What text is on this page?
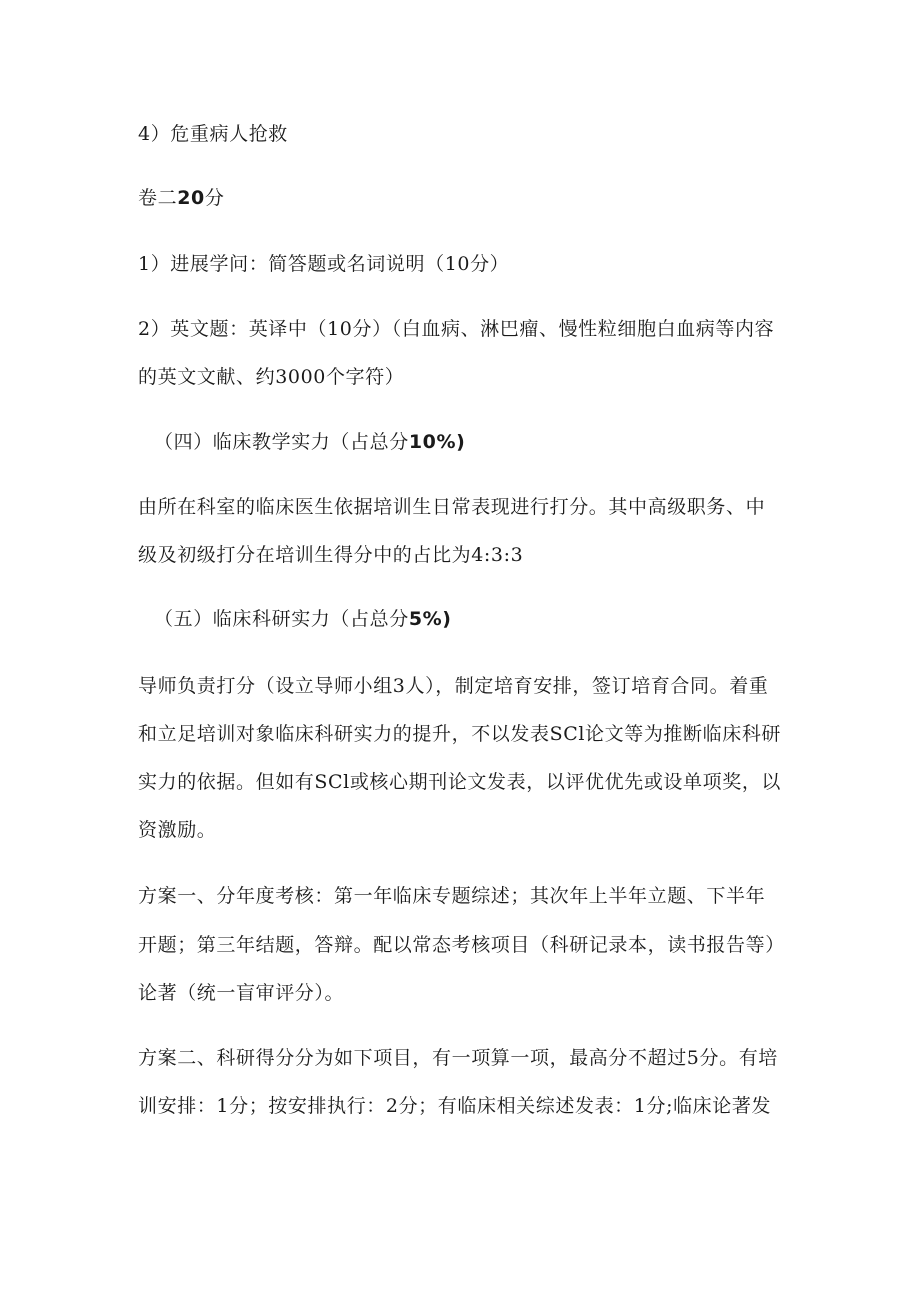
4）危重病人抢救
卷二20分
1）进展学问：简答题或名词说明（10分）
2）英文题：英译中（10分）（白血病、淋巴瘤、慢性粒细胞白血病等内容
的英文文献、约3000个字符）
（四）临床教学实力（占总分10%)
由所在科室的临床医生依据培训生日常表现进行打分。其中高级职务、中
级及初级打分在培训生得分中的占比为4:3:3
（五）临床科研实力（占总分5%)
导师负责打分（设立导师小组3人），制定培育安排，签订培育合同。着重
和立足培训对象临床科研实力的提升，不以发表SCl论文等为推断临床科研
实力的依据。但如有SCl或核心期刊论文发表，以评优优先或设单项奖，以
资激励。
方案一、分年度考核：第一年临床专题综述；其次年上半年立题、下半年
开题；第三年结题，答辩。配以常态考核项目（科研记录本，读书报告等）
论著（统一盲审评分）。
方案二、科研得分分为如下项目，有一项算一项，最高分不超过5分。有培
训安排：1分；按安排执行：2分；有临床相关综述发表：1分;临床论著发
